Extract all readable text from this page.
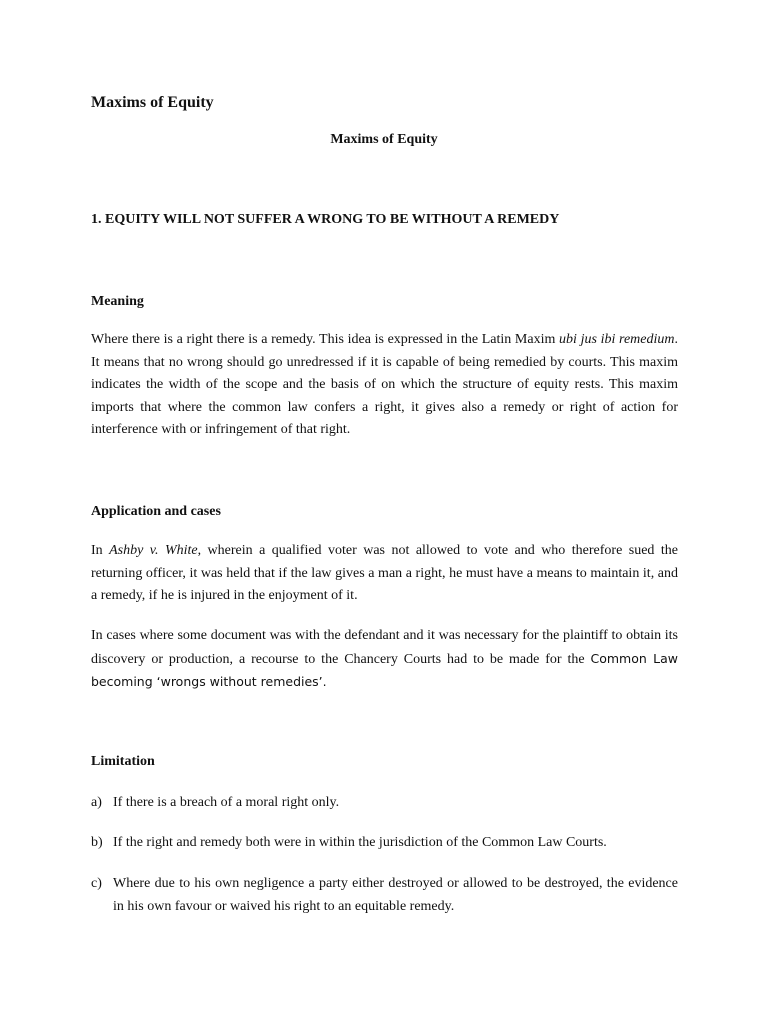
Maxims of Equity
Maxims of Equity
1. EQUITY WILL NOT SUFFER A WRONG TO BE WITHOUT A REMEDY
Meaning

Where there is a right there is a remedy. This idea is expressed in the Latin Maxim ubi jus ibi remedium. It means that no wrong should go unredressed if it is capable of being remedied by courts. This maxim indicates the width of the scope and the basis of on which the structure of equity rests. This maxim imports that where the common law confers a right, it gives also a remedy or right of action for interference with or infringement of that right.

Application and cases

In Ashby v. White, wherein a qualified voter was not allowed to vote and who therefore sued the returning officer, it was held that if the law gives a man a right, he must have a means to maintain it, and a remedy, if he is injured in the enjoyment of it.

In cases where some document was with the defendant and it was necessary for the plaintiff to obtain its discovery or production, a recourse to the Chancery Courts had to be made for the Common Law becoming ‘wrongs without remedies’.

Limitation
a) If there is a breach of a moral right only.
b) If the right and remedy both were in within the jurisdiction of the Common Law Courts.
c) Where due to his own negligence a party either destroyed or allowed to be destroyed, the evidence in his own favour or waived his right to an equitable remedy.
